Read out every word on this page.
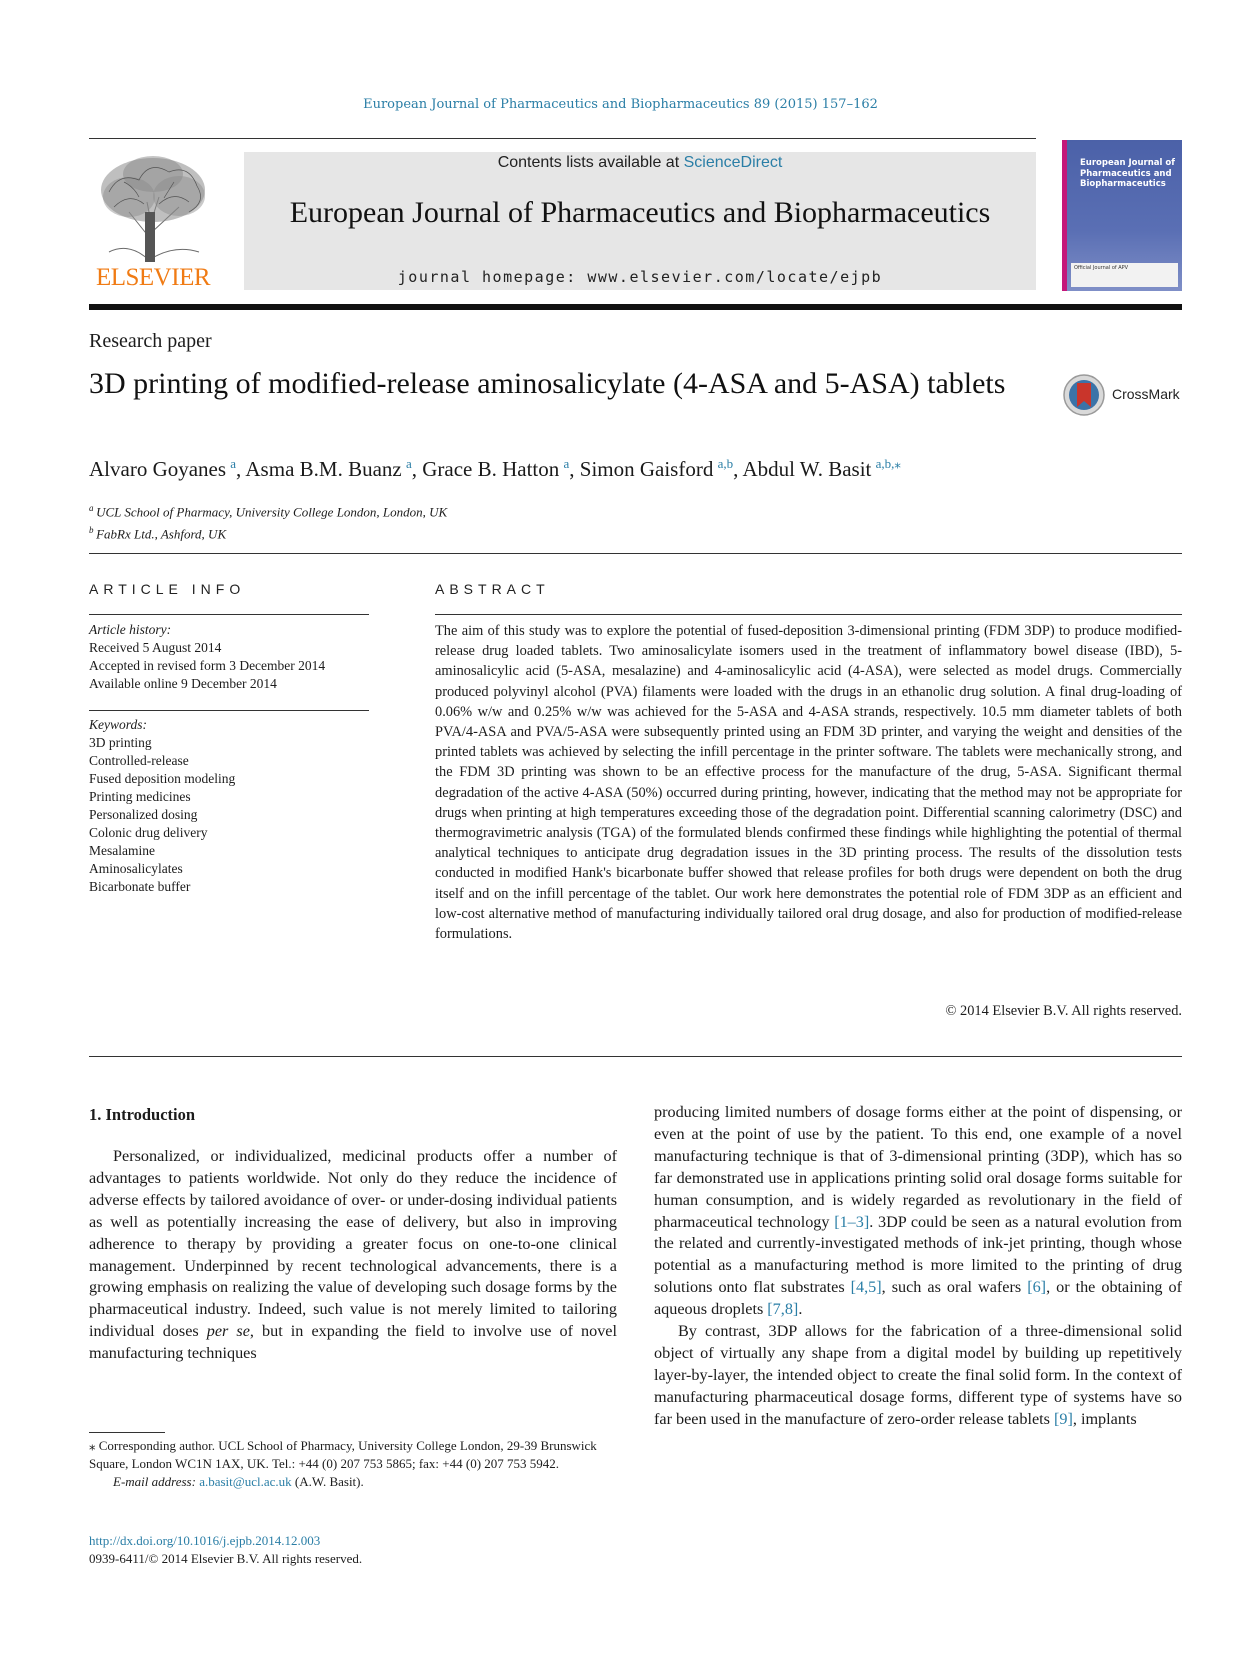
European Journal of Pharmaceutics and Biopharmaceutics 89 (2015) 157–162
ELSEVIER
Contents lists available at ScienceDirect
European Journal of Pharmaceutics and Biopharmaceutics
journal homepage: www.elsevier.com/locate/ejpb
European Journal of Pharmaceutics and Biopharmaceutics
Official Journal of APV
Research paper
3D printing of modified-release aminosalicylate (4-ASA and 5-ASA) tablets	CrossMark
Alvaro Goyanes  $^a$, Asma B.M. Buanz  $^a$, Grace B. Hatton  $^a$, Simon Gaisford  $^{a,b}$, Abdul W. Basit  $^{a,b,⁎}$
$^a$  UCL School of Pharmacy, University College London, London, UK
$^b$  FabRx Ltd., Ashford, UK
ARTICLE INFO	ABSTRACT
Article history:
Received 5 August 2014
Accepted in revised form 3 December 2014
Available online 9 December 2014
Keywords:
3D printing
Controlled-release
Fused deposition modeling
Printing medicines
Personalized dosing
Colonic drug delivery
Mesalamine
Aminosalicylates
Bicarbonate buffer
The aim of this study was to explore the potential of fused-deposition 3-dimensional printing (FDM 3DP) to produce modified-release drug loaded tablets. Two aminosalicylate isomers used in the treatment of inflammatory bowel disease (IBD), 5-aminosalicylic acid (5-ASA, mesalazine) and 4-aminosalicylic acid (4-ASA), were selected as model drugs. Commercially produced polyvinyl alcohol (PVA) filaments were loaded with the drugs in an ethanolic drug solution. A final drug-loading of 0.06% w/w and 0.25% w/w was achieved for the 5-ASA and 4-ASA strands, respectively. 10.5 mm diameter tablets of both PVA/4-ASA and PVA/5-ASA were subsequently printed using an FDM 3D printer, and varying the weight and densities of the printed tablets was achieved by selecting the infill percentage in the printer software. The tablets were mechanically strong, and the FDM 3D printing was shown to be an effective process for the manufacture of the drug, 5-ASA. Significant thermal degradation of the active 4-ASA (50%) occurred during printing, however, indicating that the method may not be appropriate for drugs when printing at high temperatures exceeding those of the degradation point. Differential scanning calorimetry (DSC) and thermogravimetric analysis (TGA) of the formulated blends confirmed these findings while highlighting the potential of thermal analytical techniques to anticipate drug degradation issues in the 3D printing process. The results of the dissolution tests conducted in modified Hank's bicarbonate buffer showed that release profiles for both drugs were dependent on both the drug itself and on the infill percentage of the tablet. Our work here demonstrates the potential role of FDM 3DP as an efficient and low-cost alternative method of manufacturing individually tailored oral drug dosage, and also for production of modified-release formulations.
© 2014 Elsevier B.V. All rights reserved.
1. Introduction
Personalized, or individualized, medicinal products offer a number of advantages to patients worldwide. Not only do they reduce the incidence of adverse effects by tailored avoidance of over- or under-dosing individual patients as well as potentially increasing the ease of delivery, but also in improving adherence to therapy by providing a greater focus on one-to-one clinical management. Underpinned by recent technological advancements, there is a growing emphasis on realizing the value of developing such dosage forms by the pharmaceutical industry. Indeed, such value is not merely limited to tailoring individual doses per se, but in expanding the field to involve use of novel manufacturing techniques

producing limited numbers of dosage forms either at the point of dispensing, or even at the point of use by the patient. To this end, one example of a novel manufacturing technique is that of 3-dimensional printing (3DP), which has so far demonstrated use in applications printing solid oral dosage forms suitable for human consumption, and is widely regarded as revolutionary in the field of pharmaceutical technology [1–3]. 3DP could be seen as a natural evolution from the related and currently-investigated methods of ink-jet printing, though whose potential as a manufacturing method is more limited to the printing of drug solutions onto flat substrates [4,5], such as oral wafers [6], or the obtaining of aqueous droplets [7,8].

By contrast, 3DP allows for the fabrication of a three-dimensional solid object of virtually any shape from a digital model by building up repetitively layer-by-layer, the intended object to create the final solid form. In the context of manufacturing pharmaceutical dosage forms, different type of systems have so far been used in the manufacture of zero-order release tablets [9], implants

⁎ Corresponding author. UCL School of Pharmacy, University College London, 29-39 Brunswick Square, London WC1N 1AX, UK. Tel.: +44 (0) 207 753 5865; fax: +44 (0) 207 753 5942.
E-mail address: a.basit@ucl.ac.uk (A.W. Basit).
http://dx.doi.org/10.1016/j.ejpb.2014.12.003
0939-6411/© 2014 Elsevier B.V. All rights reserved.
